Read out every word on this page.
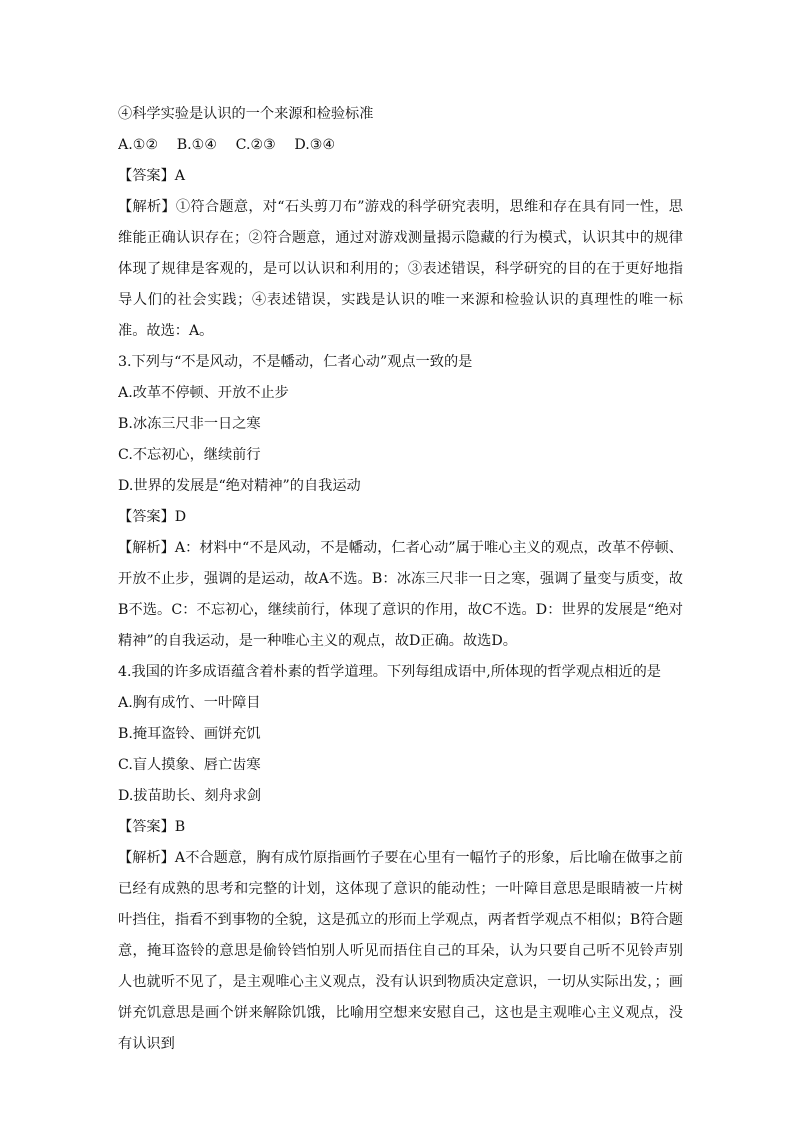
④科学实验是认识的一个来源和检验标准
A.①② B.①④ C.②③ D.③④
【答案】A
【解析】①符合题意，对“石头剪刀布”游戏的科学研究表明，思维和存在具有同一性，思维能正确认识存在；②符合题意，通过对游戏测量揭示隐藏的行为模式，认识其中的规律体现了规律是客观的，是可以认识和利用的；③表述错误，科学研究的目的在于更好地指导人们的社会实践；④表述错误，实践是认识的唯一来源和检验认识的真理性的唯一标准。故选：A。
3.下列与“不是风动，不是幡动，仁者心动”观点一致的是
A.改革不停顿、开放不止步
B.冰冻三尺非一日之寒
C.不忘初心，继续前行
D.世界的发展是“绝对精神”的自我运动
【答案】D
【解析】A：材料中“不是风动，不是幡动，仁者心动”属于唯心主义的观点，改革不停顿、开放不止步，强调的是运动，故A不选。B：冰冻三尺非一日之寒，强调了量变与质变，故B不选。C：不忘初心，继续前行，体现了意识的作用，故C不选。D：世界的发展是“绝对精神”的自我运动，是一种唯心主义的观点，故D正确。故选D。
4.我国的许多成语蕴含着朴素的哲学道理。下列每组成语中,所体现的哲学观点相近的是
A.胸有成竹、一叶障目
B.掩耳盗铃、画饼充饥
C.盲人摸象、唇亡齿寒
D.拔苗助长、刻舟求剑
【答案】B
【解析】A不合题意，胸有成竹原指画竹子要在心里有一幅竹子的形象，后比喻在做事之前已经有成熟的思考和完整的计划，这体现了意识的能动性；一叶障目意思是眼睛被一片树叶挡住，指看不到事物的全貌，这是孤立的形而上学观点，两者哲学观点不相似；B符合题意，掩耳盗铃的意思是偷铃铛怕别人听见而捂住自己的耳朵，认为只要自己听不见铃声别人也就听不见了，是主观唯心主义观点，没有认识到物质决定意识，一切从实际出发，；画饼充饥意思是画个饼来解除饥饿，比喻用空想来安慰自己，这也是主观唯心主义观点，没有认识到
